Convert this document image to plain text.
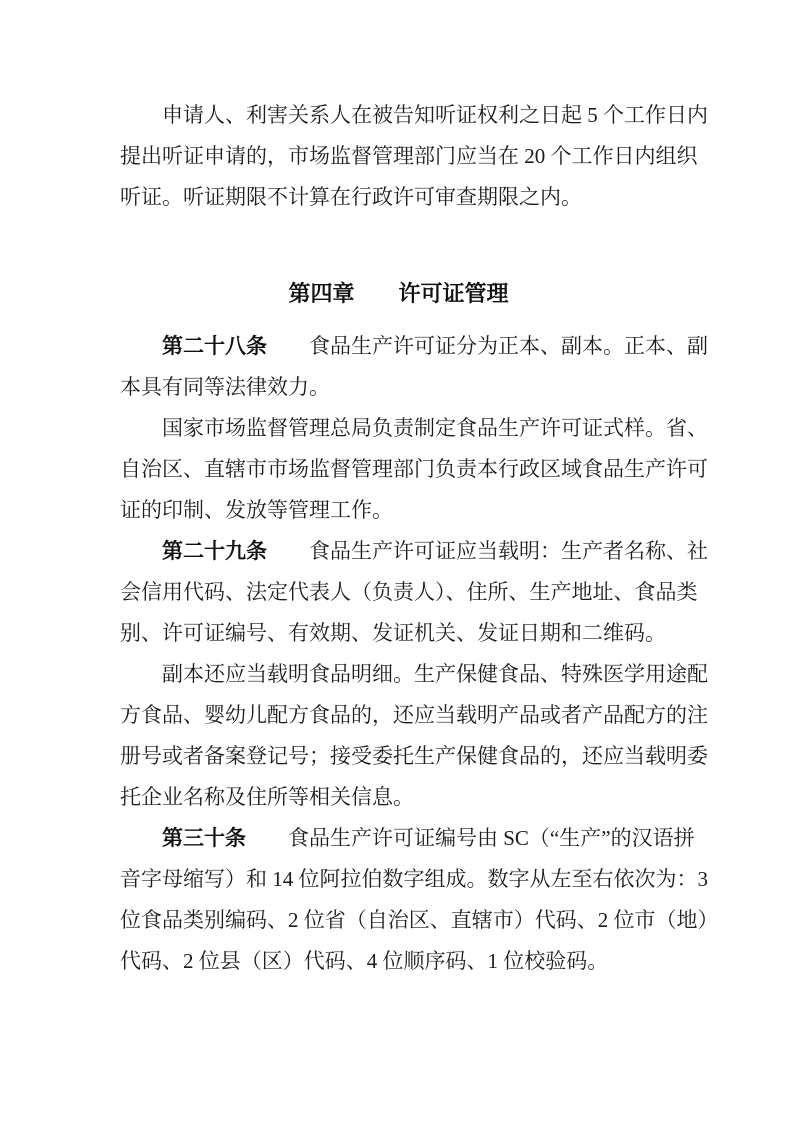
申请人、利害关系人在被告知听证权利之日起 5 个工作日内
提出听证申请的，市场监督管理部门应当在 20 个工作日内组织
听证。听证期限不计算在行政许可审查期限之内。
第四章　　许可证管理
第二十八条 食品生产许可证分为正本、副本。正本、副
本具有同等法律效力。
国家市场监督管理总局负责制定食品生产许可证式样。省、
自治区、直辖市市场监督管理部门负责本行政区域食品生产许可
证的印制、发放等管理工作。
第二十九条 食品生产许可证应当载明：生产者名称、社
会信用代码、法定代表人（负责人）、住所、生产地址、食品类
别、许可证编号、有效期、发证机关、发证日期和二维码。
副本还应当载明食品明细。生产保健食品、特殊医学用途配
方食品、婴幼儿配方食品的，还应当载明产品或者产品配方的注
册号或者备案登记号；接受委托生产保健食品的，还应当载明委
托企业名称及住所等相关信息。
第三十条 食品生产许可证编号由 SC（“生产”的汉语拼
音字母缩写）和 14 位阿拉伯数字组成。数字从左至右依次为：3
位食品类别编码、2 位省（自治区、直辖市）代码、2 位市（地）
代码、2 位县（区）代码、4 位顺序码、1 位校验码。
